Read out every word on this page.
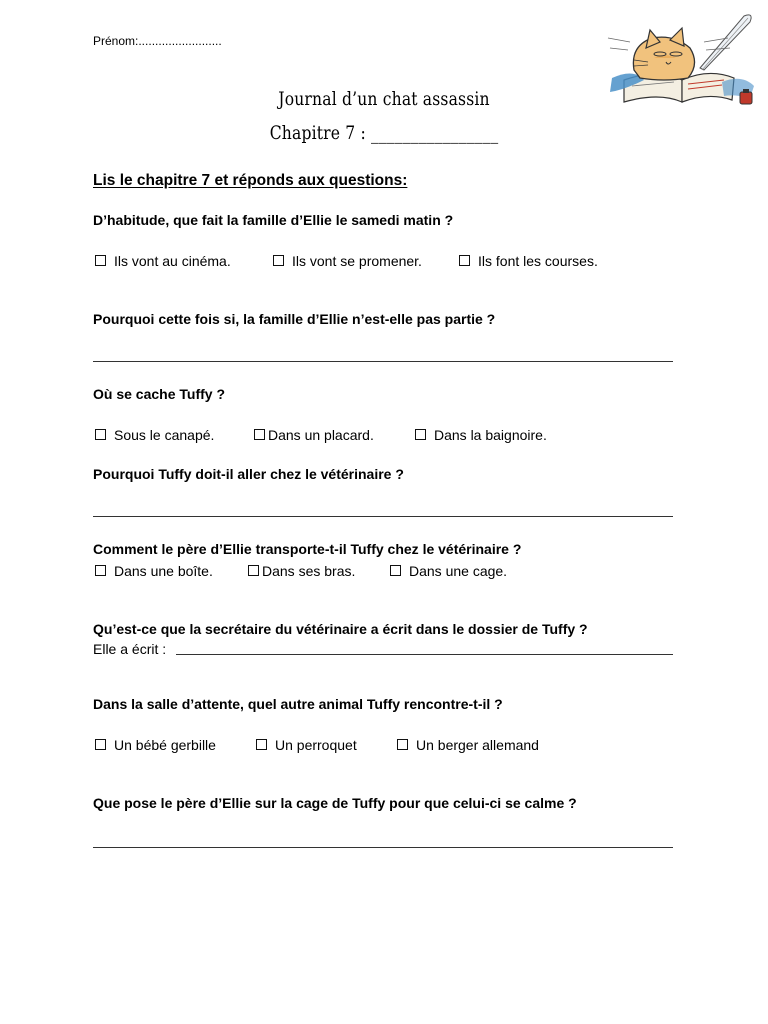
Prénom:.........................
Journal d’un chat assassin
Chapitre 7 : ________________
Lis le chapitre 7 et réponds aux questions:
D’habitude, que fait la famille d’Ellie le samedi matin ?
Ils vont au cinéma.	Ils vont se promener.	Ils font les courses.
Pourquoi cette fois si, la famille d’Ellie n’est-elle pas partie ?
Où se cache Tuffy ?
Sous le canapé.	Dans un placard.	Dans la baignoire.
Pourquoi Tuffy doit-il aller chez le vétérinaire ?
Comment le père d’Ellie transporte-t-il Tuffy chez le vétérinaire ?
Dans une boîte.	Dans ses bras.	Dans une cage.
Qu’est-ce que la secrétaire du vétérinaire a écrit dans le dossier de Tuffy ?
Elle a écrit :
Dans la salle d’attente, quel autre animal Tuffy rencontre-t-il ?
Un bébé gerbille	Un perroquet	Un berger allemand
Que pose le père d’Ellie sur la cage de Tuffy pour que celui-ci se calme ?
